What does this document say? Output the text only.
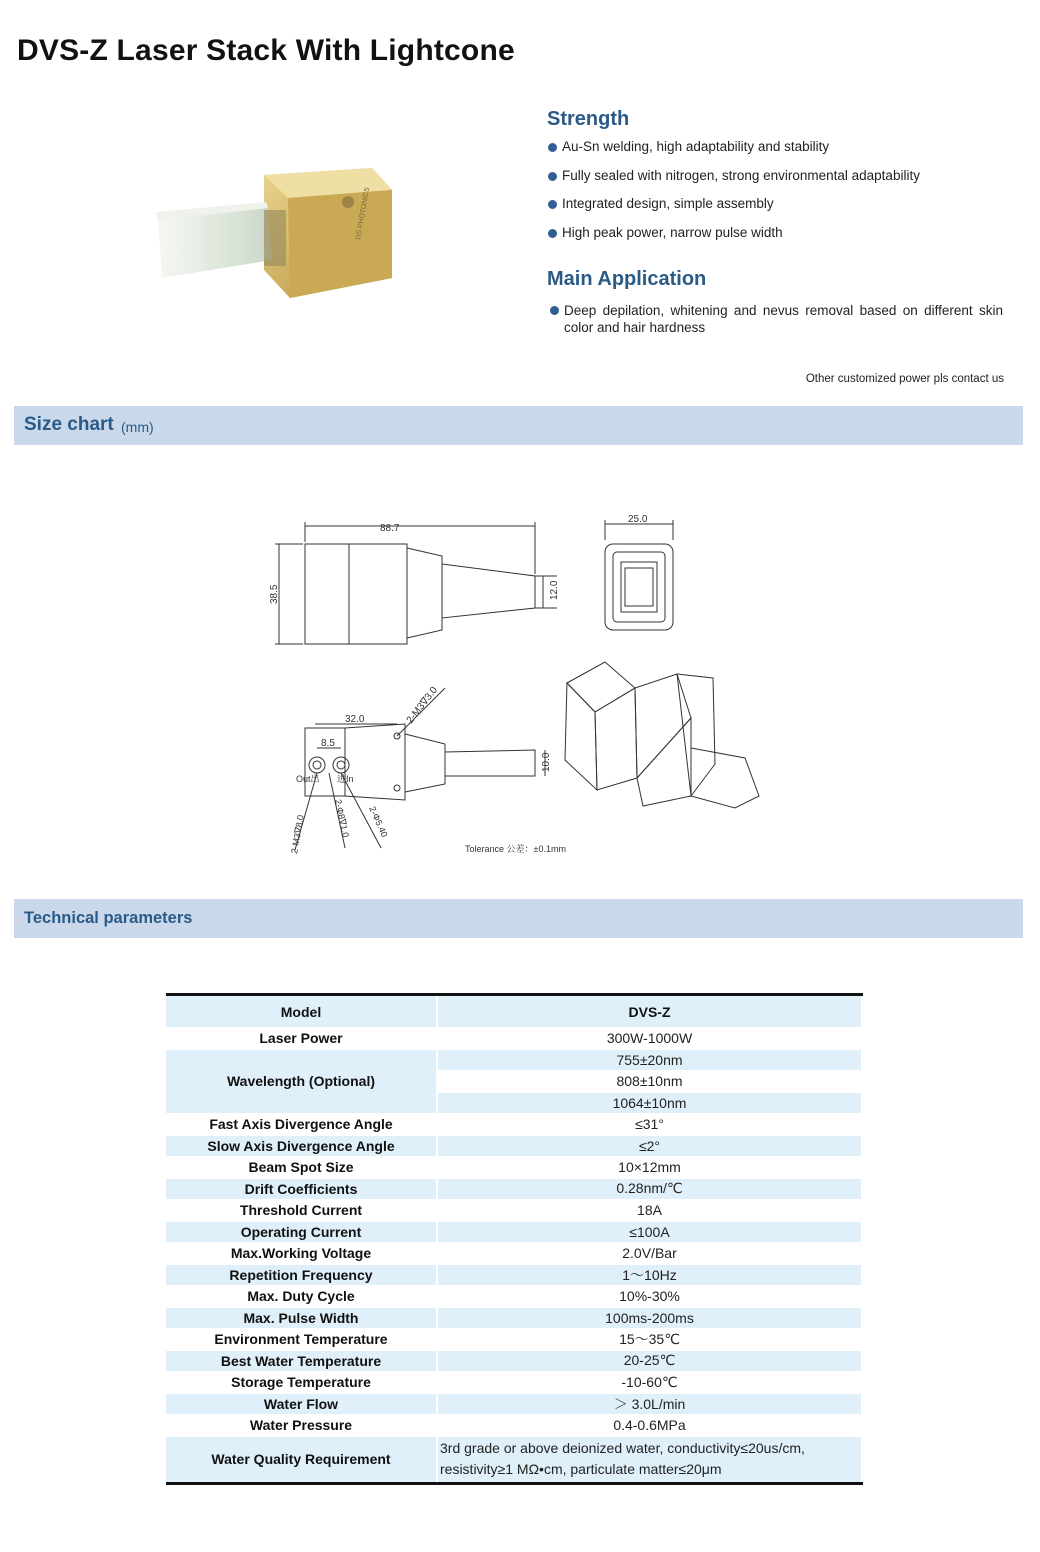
DVS-Z Laser Stack With Lightcone
DS PHOTONICS
Strength
Au-Sn welding, high adaptability and stability
Fully sealed with nitrogen, strong environmental adaptability
Integrated design, simple assembly
High peak power, narrow pulse width
Main Application
Deep depilation, whitening and nevus removal based on different skin color and hair hardness
Other customized power pls contact us
Size chart (mm)
88.7
38.5	12.0
25.0
32.0
8.5
Out出 进In
10.0
2-M3∇3.0
2-M3∇8.0	2-Φ8∇1.0 2-Φ5.40
Tolerance 公差：±0.1mm
Technical parameters
Model	DVS-Z
Laser Power	300W-1000W
Wavelength (Optional)	755±20nm
	808±10nm
	1064±10nm
Fast Axis Divergence Angle	≤31°
Slow Axis Divergence Angle	≤2°
Beam Spot Size	10×12mm
Drift Coefficients	0.28nm/℃
Threshold Current	18A
Operating Current	≤100A
Max.Working Voltage	2.0V/Bar
Repetition Frequency	1～10Hz
Max. Duty Cycle	10%-30%
Max. Pulse Width	100ms-200ms
Environment Temperature	15～35℃
Best Water Temperature	20-25℃
Storage Temperature	-10-60℃
Water Flow	＞ 3.0L/min
Water Pressure	0.4-0.6MPa
Water Quality Requirement	3rd grade or above deionized water, conductivity≤20us/cm, resistivity≥1 MΩ•cm, particulate matter≤20μm
